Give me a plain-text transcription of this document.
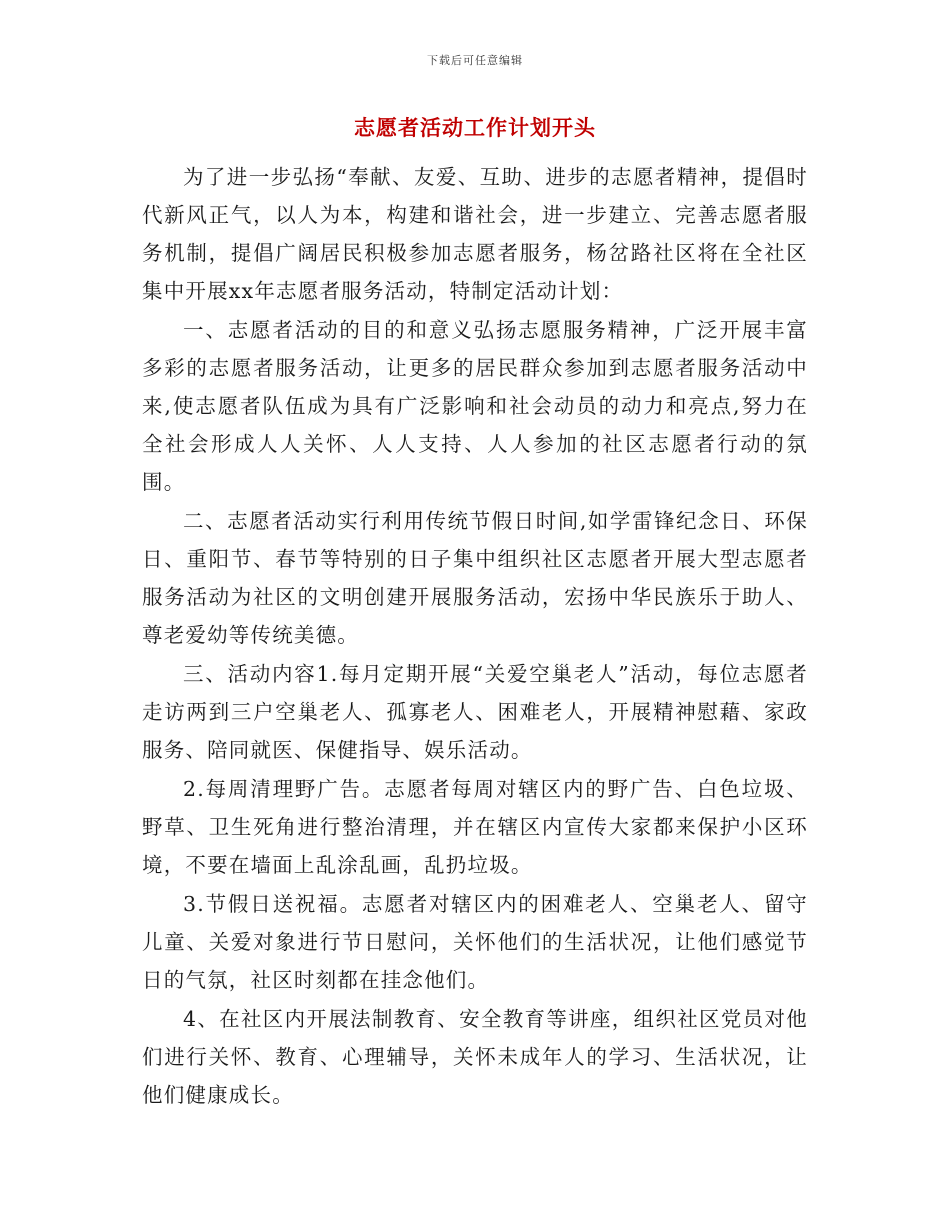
下载后可任意编辑
志愿者活动工作计划开头

为了进一步弘扬“奉献、友爱、互助、进步的志愿者精神，提倡时代新风正气，以人为本，构建和谐社会，进一步建立、完善志愿者服务机制，提倡广阔居民积极参加志愿者服务，杨岔路社区将在全社区集中开展xx年志愿者服务活动，特制定活动计划：

一、志愿者活动的目的和意义弘扬志愿服务精神，广泛开展丰富多彩的志愿者服务活动，让更多的居民群众参加到志愿者服务活动中来,使志愿者队伍成为具有广泛影响和社会动员的动力和亮点,努力在全社会形成人人关怀、人人支持、人人参加的社区志愿者行动的氛围。

二、志愿者活动实行利用传统节假日时间,如学雷锋纪念日、环保日、重阳节、春节等特别的日子集中组织社区志愿者开展大型志愿者服务活动为社区的文明创建开展服务活动，宏扬中华民族乐于助人、尊老爱幼等传统美德。

三、活动内容1.每月定期开展“关爱空巢老人”活动，每位志愿者走访两到三户空巢老人、孤寡老人、困难老人，开展精神慰藉、家政服务、陪同就医、保健指导、娱乐活动。

2.每周清理野广告。志愿者每周对辖区内的野广告、白色垃圾、野草、卫生死角进行整治清理，并在辖区内宣传大家都来保护小区环境，不要在墙面上乱涂乱画，乱扔垃圾。

3.节假日送祝福。志愿者对辖区内的困难老人、空巢老人、留守儿童、关爱对象进行节日慰问，关怀他们的生活状况，让他们感觉节日的气氛，社区时刻都在挂念他们。

4、在社区内开展法制教育、安全教育等讲座，组织社区党员对他们进行关怀、教育、心理辅导，关怀未成年人的学习、生活状况，让他们健康成长。
